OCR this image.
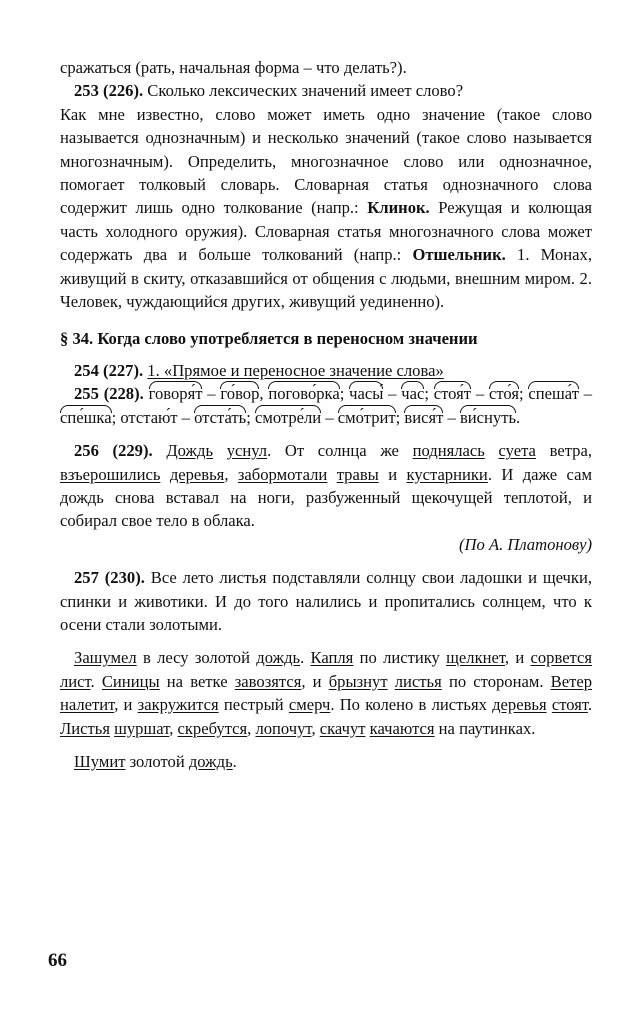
сражаться (рать, начальная форма – что делать?).

253 (226). Сколько лексических значений имеет слово?
Как мне известно, слово может иметь одно значение (такое слово называется однозначным) и несколько значений (такое слово называется многозначным). Определить, многозначное слово или однозначное, помогает толковый словарь. Словарная статья однозначного слова содержит лишь одно толкование (напр.: Клинок. Режущая и колющая часть холодного оружия). Словарная статья многозначного слова может содержать два и больше толкований (напр.: Отшельник. 1. Монах, живущий в скиту, отказавшийся от общения с людьми, внешним миром. 2. Человек, чуждающийся других, живущий уединенно).

§ 34. Когда слово употребляется в переносном значении

254 (227). 1. «Прямое и переносное значение слова»

255 (228). говоря́т – го́вор, погово́рка; часы́ – час; стоя́т – сто́я; спеша́т – спе́шка; отстаю́т – отста́ть; смотре́ли – смо́трит; вися́т – ви́снуть.

256 (229). Дождь уснул. От солнца же поднялась суета ветра, взъерошились деревья, забормотали травы и кустарники. И даже сам дождь снова вставал на ноги, разбуженный щекочущей теплотой, и собирал свое тело в облака.

(По А. Платонову)

257 (230). Все лето листья подставляли солнцу свои ладошки и щечки, спинки и животики. И до того налились и пропитались солнцем, что к осени стали золотыми.

Зашумел в лесу золотой дождь. Капля по листику щелкнет, и сорвется лист. Синицы на ветке завозятся, и брызнут листья по сторонам. Ветер налетит, и закружится пестрый смерч. По колено в листьях деревья стоят. Листья шуршат, скребутся, лопочут, скачут качаются на паутинках.

Шумит золотой дождь.

66
